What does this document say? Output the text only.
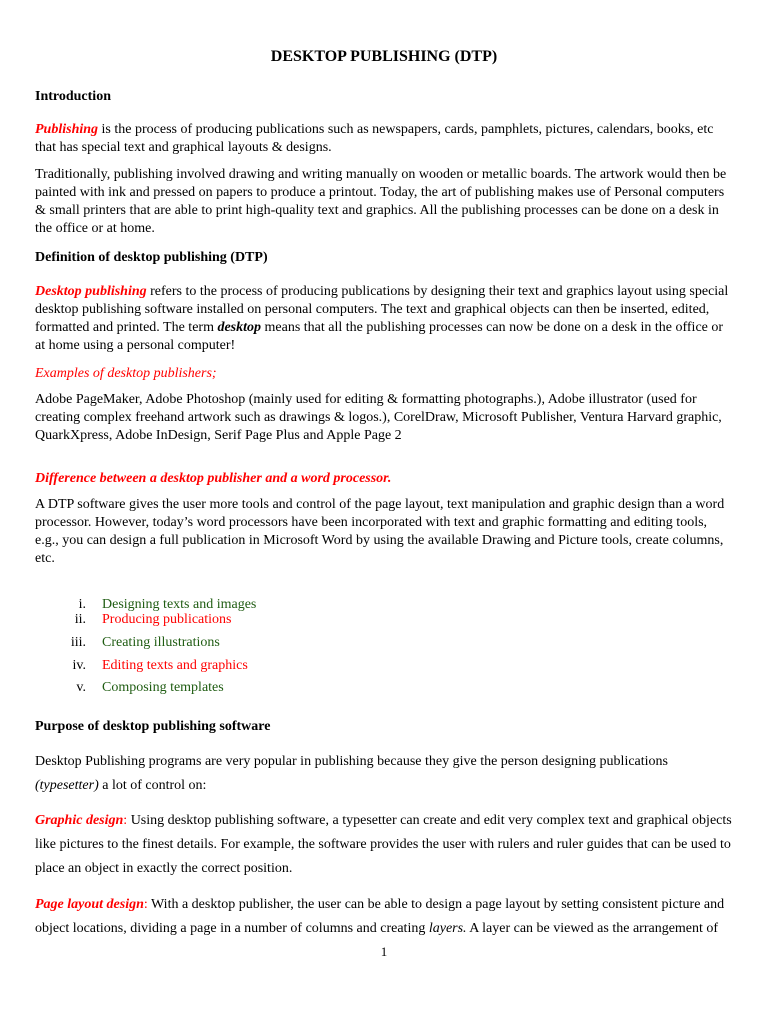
DESKTOP PUBLISHING (DTP)

Introduction

Publishing is the process of producing publications such as newspapers, cards, pamphlets, pictures, calendars, books, etc that has special text and graphical layouts & designs.

Traditionally, publishing involved drawing and writing manually on wooden or metallic boards. The artwork would then be painted with ink and pressed on papers to produce a printout. Today, the art of publishing makes use of Personal computers & small printers that are able to print high-quality text and graphics. All the publishing processes can be done on a desk in the office or at home.

Definition of desktop publishing (DTP)

Desktop publishing refers to the process of producing publications by designing their text and graphics layout using special desktop publishing software installed on personal computers. The text and graphical objects can then be inserted, edited, formatted and printed. The term desktop means that all the publishing processes can now be done on a desk in the office or at home using a personal computer!

Examples of desktop publishers;

Adobe PageMaker, Adobe Photoshop (mainly used for editing & formatting photographs.), Adobe illustrator (used for creating complex freehand artwork such as drawings & logos.), CorelDraw, Microsoft Publisher, Ventura Harvard graphic, QuarkXpress, Adobe InDesign, Serif Page Plus and Apple Page 2

Difference between a desktop publisher and a word processor.

A DTP software gives the user more tools and control of the page layout, text manipulation and graphic design than a word processor. However, today’s word processors have been incorporated with text and graphic formatting and editing tools, e.g., you can design a full publication in Microsoft Word by using the available Drawing and Picture tools, create columns, etc.

i. Designing texts and images
ii. Producing publications
iii. Creating illustrations
iv. Editing texts and graphics
v. Composing templates

Purpose of desktop publishing software

Desktop Publishing programs are very popular in publishing because they give the person designing publications (typesetter) a lot of control on:

Graphic design: Using desktop publishing software, a typesetter can create and edit very complex text and graphical objects like pictures to the finest details. For example, the software provides the user with rulers and ruler guides that can be used to place an object in exactly the correct position.

Page layout design: With a desktop publisher, the user can be able to design a page layout by setting consistent picture and object locations, dividing a page in a number of columns and creating layers. A layer can be viewed as the arrangement of

1
